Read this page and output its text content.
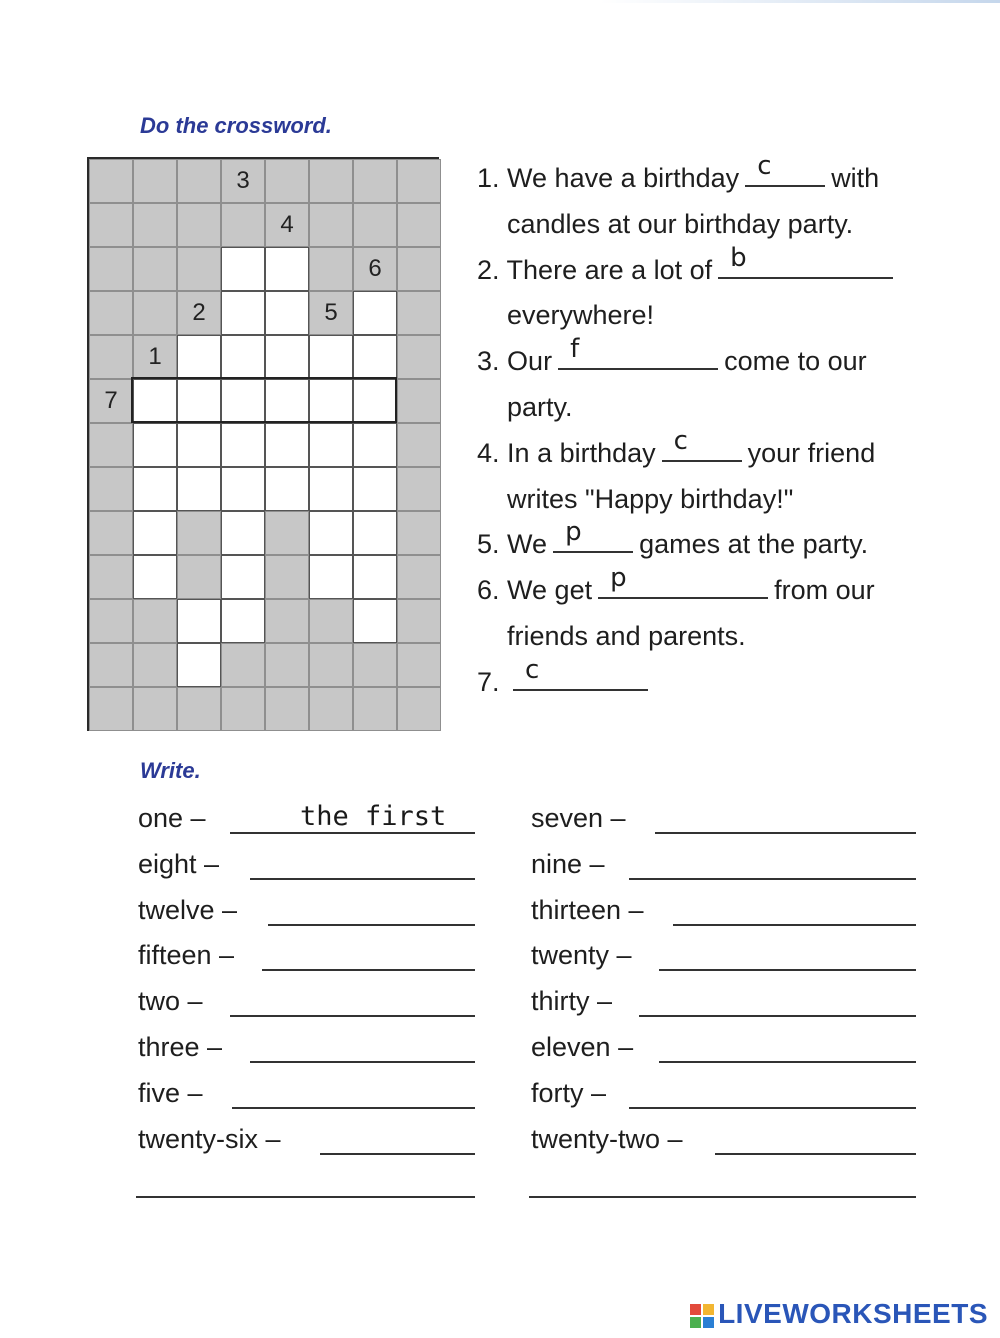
Do the crossword.
3
4
6
2	5
1
7
1. We have a birthday c with
candles at our birthday party.
2. There are a lot of b
everywhere!
3. Our f	come to our
party.
4. In a birthday c your friend
writes "Happy birthday!"
5. We p games at the party.
6. We get p	from our
friends and parents.
7. c
Write.
one –	the first
eight –
twelve –
fifteen –
two –
three –
five –
twenty-six –
seven –
nine –
thirteen –
twenty –
thirty –
eleven –
forty –
twenty-two –
LIVEWORKSHEETS
